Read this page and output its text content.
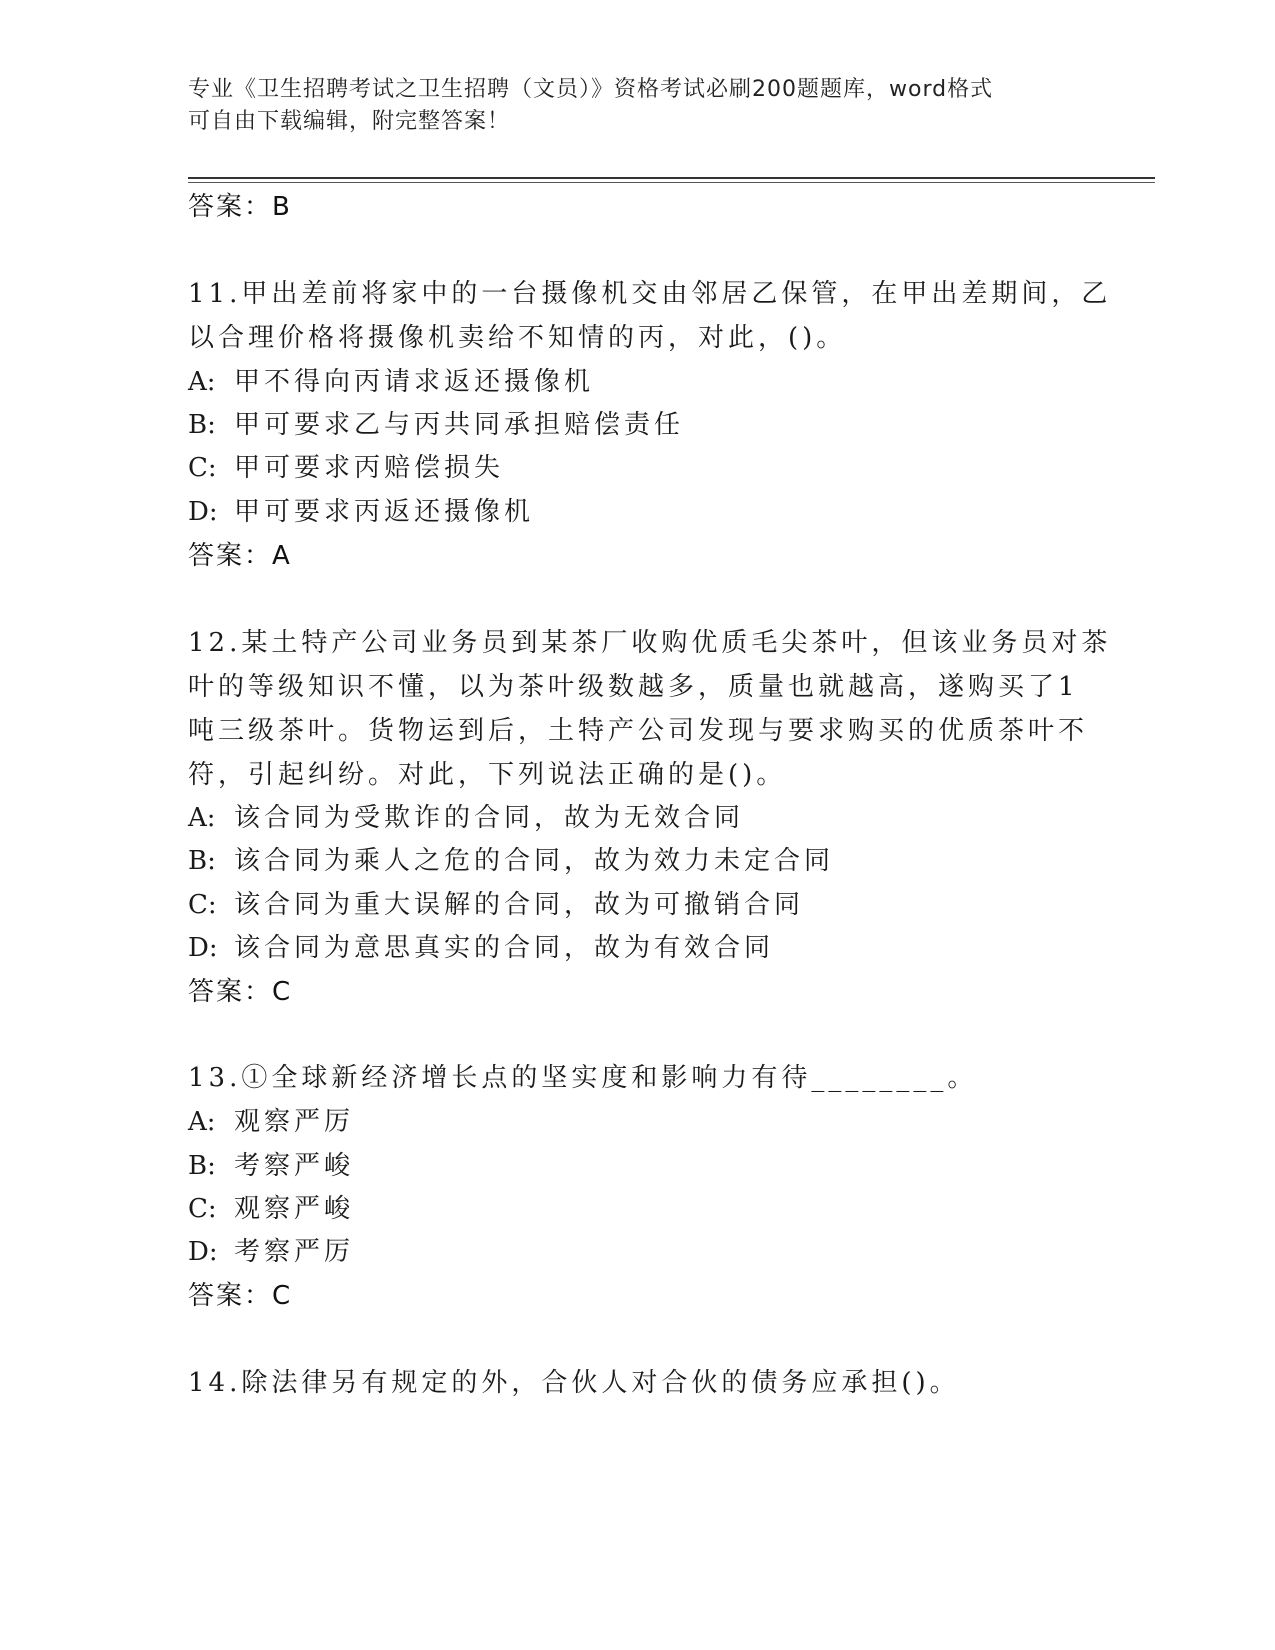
专业《卫生招聘考试之卫生招聘（文员）》资格考试必刷200题题库，word格式
可自由下载编辑，附完整答案！
答案：B
11.甲出差前将家中的一台摄像机交由邻居乙保管，在甲出差期间，乙
以合理价格将摄像机卖给不知情的丙，对此，()。
A: 甲不得向丙请求返还摄像机
B: 甲可要求乙与丙共同承担赔偿责任
C: 甲可要求丙赔偿损失
D: 甲可要求丙返还摄像机
答案：A
12.某土特产公司业务员到某茶厂收购优质毛尖茶叶，但该业务员对茶
叶的等级知识不懂，以为茶叶级数越多，质量也就越高，遂购买了1
吨三级茶叶。货物运到后，土特产公司发现与要求购买的优质茶叶不
符，引起纠纷。对此，下列说法正确的是()。
A: 该合同为受欺诈的合同，故为无效合同
B: 该合同为乘人之危的合同，故为效力未定合同
C: 该合同为重大误解的合同，故为可撤销合同
D: 该合同为意思真实的合同，故为有效合同
答案：C
13.①全球新经济增长点的坚实度和影响力有待________。
A: 观察严厉
B: 考察严峻
C: 观察严峻
D: 考察严厉
答案：C
14.除法律另有规定的外，合伙人对合伙的债务应承担()。
